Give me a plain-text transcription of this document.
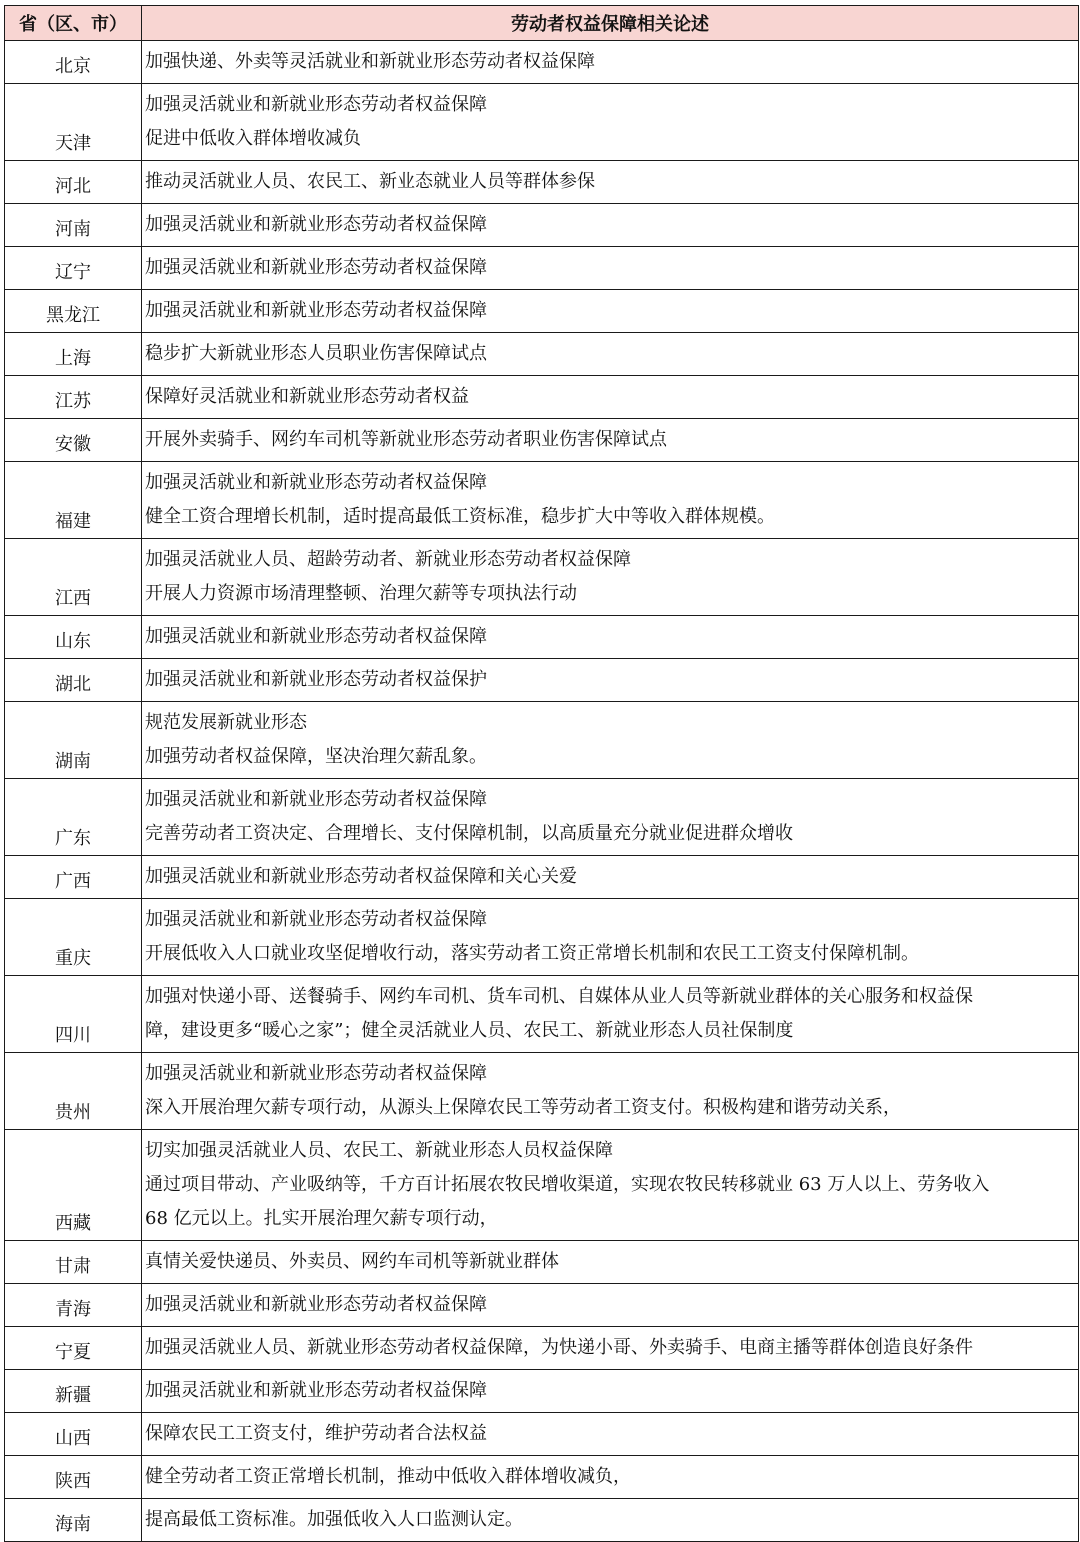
省（区、市）	劳动者权益保障相关论述
北京	加强快递、外卖等灵活就业和新就业形态劳动者权益保障

天津	加强灵活就业和新就业形态劳动者权益保障
促进中低收入群体增收减负

河北	推动灵活就业人员、农民工、新业态就业人员等群体参保

河南	加强灵活就业和新就业形态劳动者权益保障

辽宁	加强灵活就业和新就业形态劳动者权益保障

黑龙江	加强灵活就业和新就业形态劳动者权益保障

上海	稳步扩大新就业形态人员职业伤害保障试点

江苏	保障好灵活就业和新就业形态劳动者权益

安徽	开展外卖骑手、网约车司机等新就业形态劳动者职业伤害保障试点

福建	加强灵活就业和新就业形态劳动者权益保障
健全工资合理增长机制，适时提高最低工资标准，稳步扩大中等收入群体规模。

江西	加强灵活就业人员、超龄劳动者、新就业形态劳动者权益保障
开展人力资源市场清理整顿、治理欠薪等专项执法行动

山东	加强灵活就业和新就业形态劳动者权益保障

湖北	加强灵活就业和新就业形态劳动者权益保护

湖南	规范发展新就业形态
加强劳动者权益保障，坚决治理欠薪乱象。

广东	加强灵活就业和新就业形态劳动者权益保障
完善劳动者工资决定、合理增长、支付保障机制，以高质量充分就业促进群众增收

广西	加强灵活就业和新就业形态劳动者权益保障和关心关爱

重庆	加强灵活就业和新就业形态劳动者权益保障
开展低收入人口就业攻坚促增收行动，落实劳动者工资正常增长机制和农民工工资支付保障机制。

四川	加强对快递小哥、送餐骑手、网约车司机、货车司机、自媒体从业人员等新就业群体的关心服务和权益保
障，建设更多“暖心之家”；健全灵活就业人员、农民工、新就业形态人员社保制度

贵州	加强灵活就业和新就业形态劳动者权益保障
深入开展治理欠薪专项行动，从源头上保障农民工等劳动者工资支付。积极构建和谐劳动关系，

西藏	切实加强灵活就业人员、农民工、新就业形态人员权益保障
通过项目带动、产业吸纳等，千方百计拓展农牧民增收渠道，实现农牧民转移就业 63 万人以上、劳务收入
68 亿元以上。扎实开展治理欠薪专项行动，

甘肃	真情关爱快递员、外卖员、网约车司机等新就业群体

青海	加强灵活就业和新就业形态劳动者权益保障

宁夏	加强灵活就业人员、新就业形态劳动者权益保障，为快递小哥、外卖骑手、电商主播等群体创造良好条件

新疆	加强灵活就业和新就业形态劳动者权益保障

山西	保障农民工工资支付，维护劳动者合法权益

陕西	健全劳动者工资正常增长机制，推动中低收入群体增收减负，

海南	提高最低工资标准。加强低收入人口监测认定。
